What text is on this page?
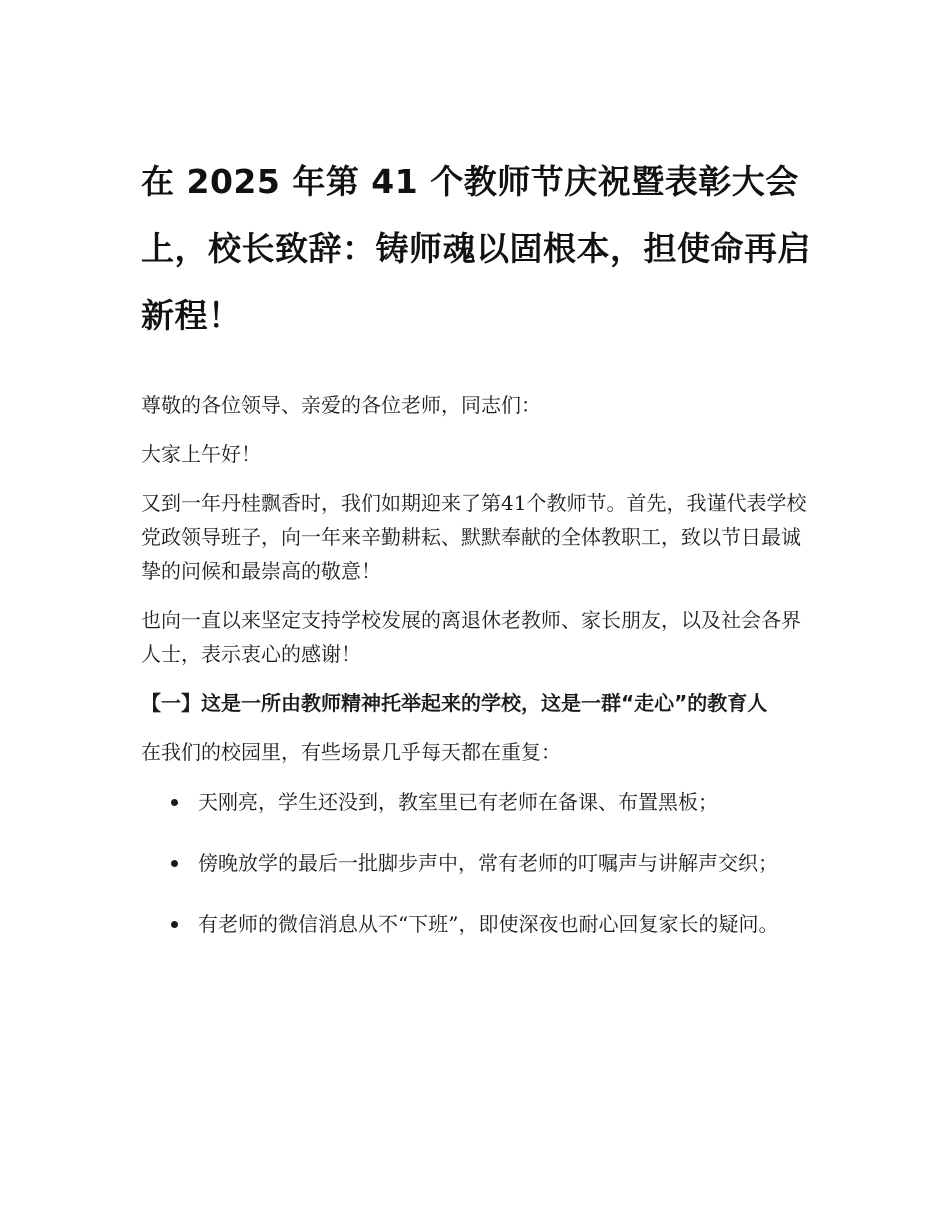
在 2025 年第 41 个教师节庆祝暨表彰大会上，校长致辞：铸师魂以固根本，担使命再启新程！

尊敬的各位领导、亲爱的各位老师，同志们：

大家上午好！

又到一年丹桂飘香时，我们如期迎来了第41个教师节。首先，我谨代表学校党政领导班子，向一年来辛勤耕耘、默默奉献的全体教职工，致以节日最诚挚的问候和最崇高的敬意！

也向一直以来坚定支持学校发展的离退休老教师、家长朋友，以及社会各界人士，表示衷心的感谢！

【一】这是一所由教师精神托举起来的学校，这是一群“走心”的教育人

在我们的校园里，有些场景几乎每天都在重复：

天刚亮，学生还没到，教室里已有老师在备课、布置黑板；
傍晚放学的最后一批脚步声中，常有老师的叮嘱声与讲解声交织；
有老师的微信消息从不“下班”，即使深夜也耐心回复家长的疑问。
